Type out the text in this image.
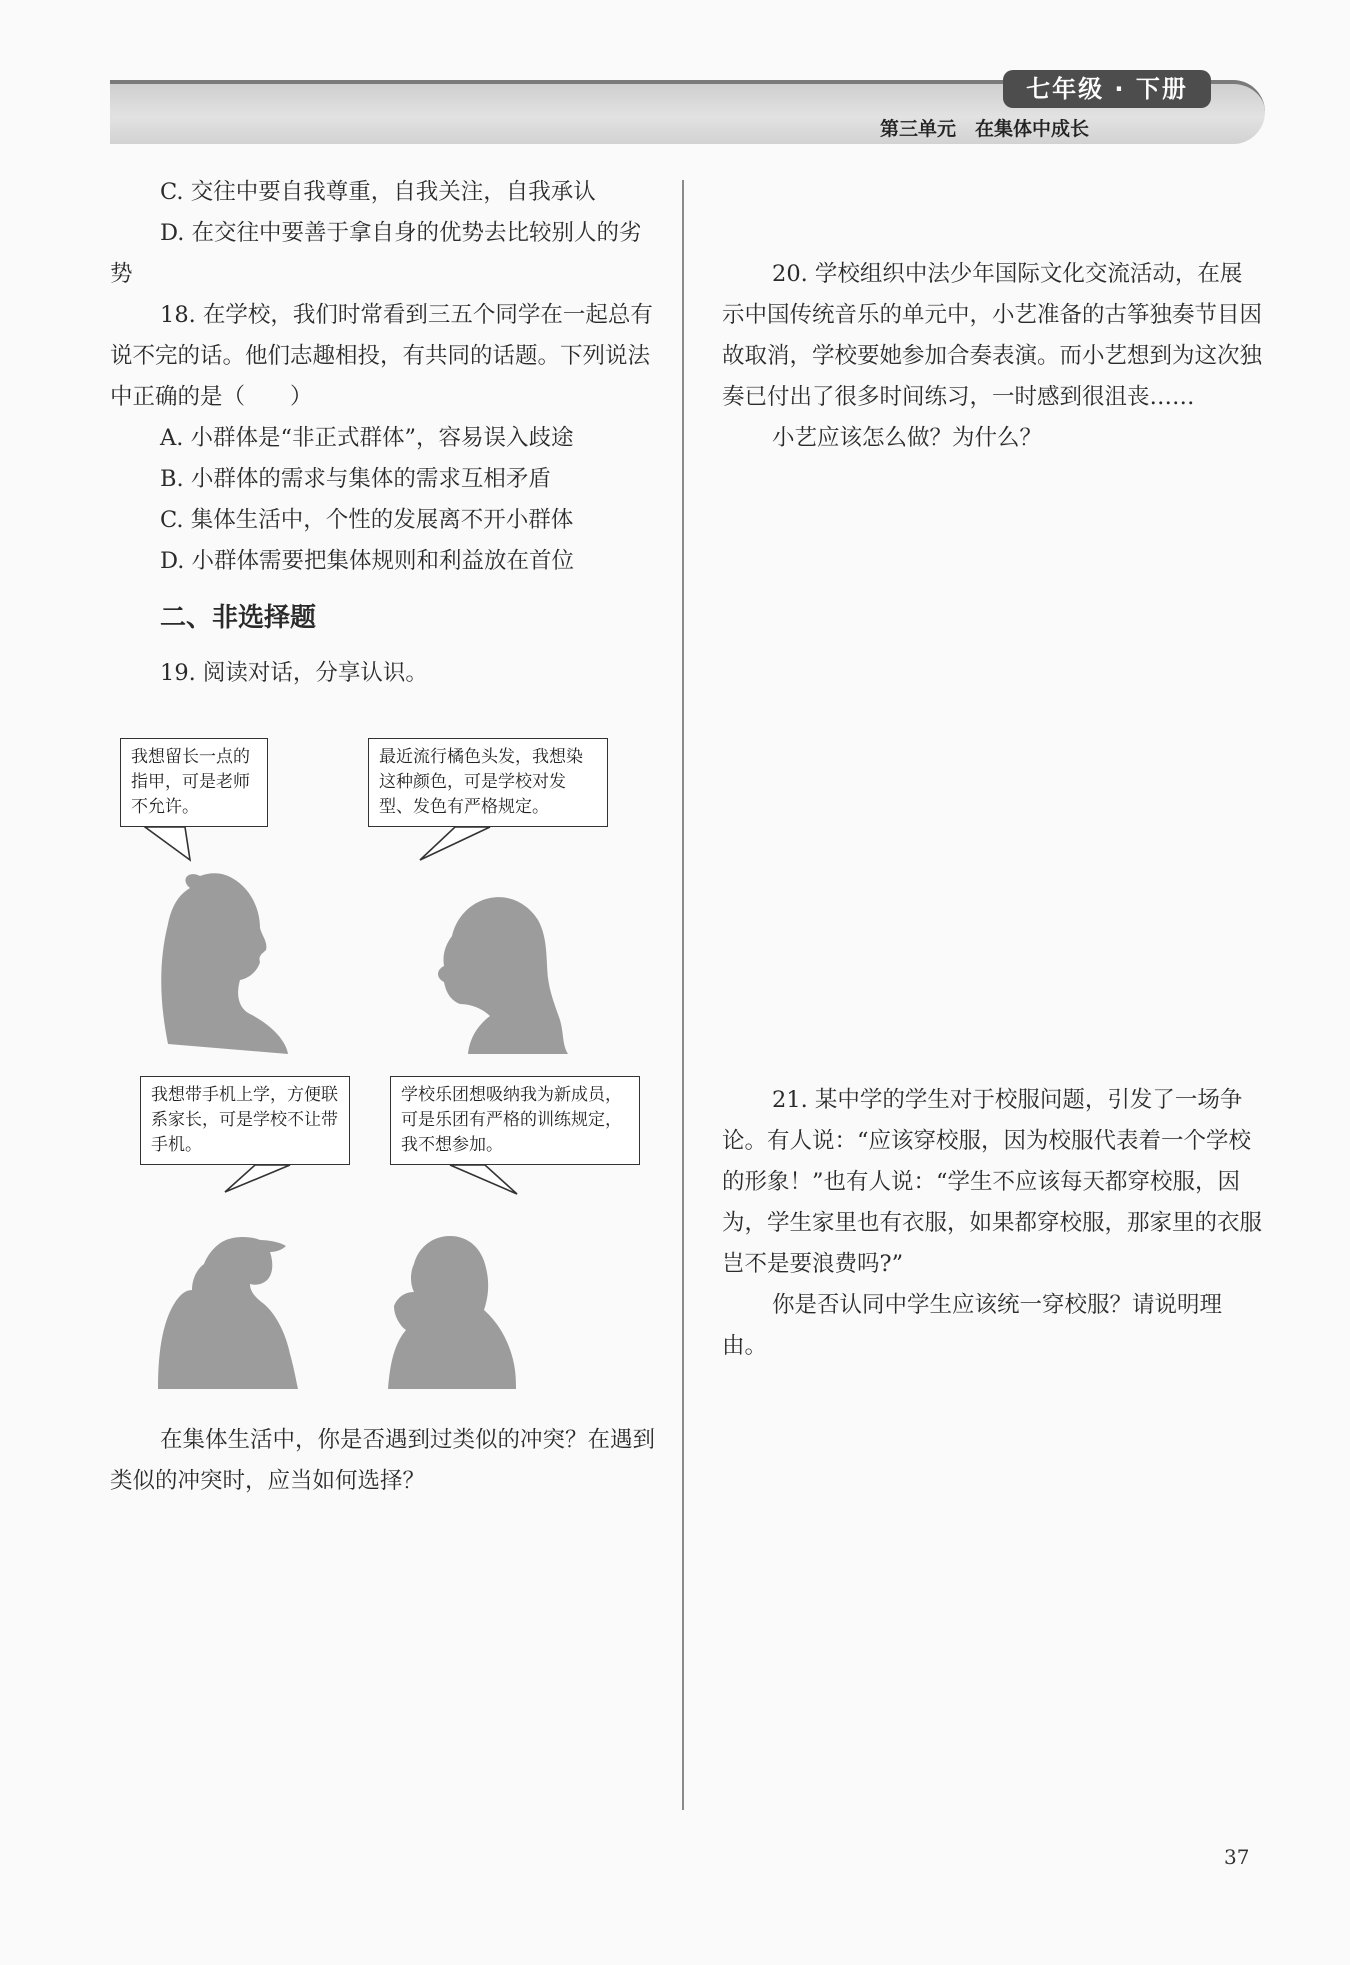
七年级 · 下册
第三单元　在集体中成长

C. 交往中要自我尊重，自我关注，自我承认

D. 在交往中要善于拿自身的优势去比较别人的劣势

18. 在学校，我们时常看到三五个同学在一起总有说不完的话。他们志趣相投，有共同的话题。下列说法中正确的是（　　）

A. 小群体是“非正式群体”，容易误入歧途

B. 小群体的需求与集体的需求互相矛盾

C. 集体生活中，个性的发展离不开小群体

D. 小群体需要把集体规则和利益放在首位

二、非选择题

19. 阅读对话，分享认识。

我想留长一点的指甲，可是老师不允许。
最近流行橘色头发，我想染这种颜色，可是学校对发型、发色有严格规定。
我想带手机上学，方便联系家长，可是学校不让带手机。
学校乐团想吸纳我为新成员，可是乐团有严格的训练规定，我不想参加。

在集体生活中，你是否遇到过类似的冲突？在遇到类似的冲突时，应当如何选择？

20. 学校组织中法少年国际文化交流活动，在展示中国传统音乐的单元中，小艺准备的古筝独奏节目因故取消，学校要她参加合奏表演。而小艺想到为这次独奏已付出了很多时间练习，一时感到很沮丧……

小艺应该怎么做？为什么？

21. 某中学的学生对于校服问题，引发了一场争论。有人说：“应该穿校服，因为校服代表着一个学校的形象！”也有人说：“学生不应该每天都穿校服，因为，学生家里也有衣服，如果都穿校服，那家里的衣服岂不是要浪费吗?”

你是否认同中学生应该统一穿校服？请说明理由。

37
